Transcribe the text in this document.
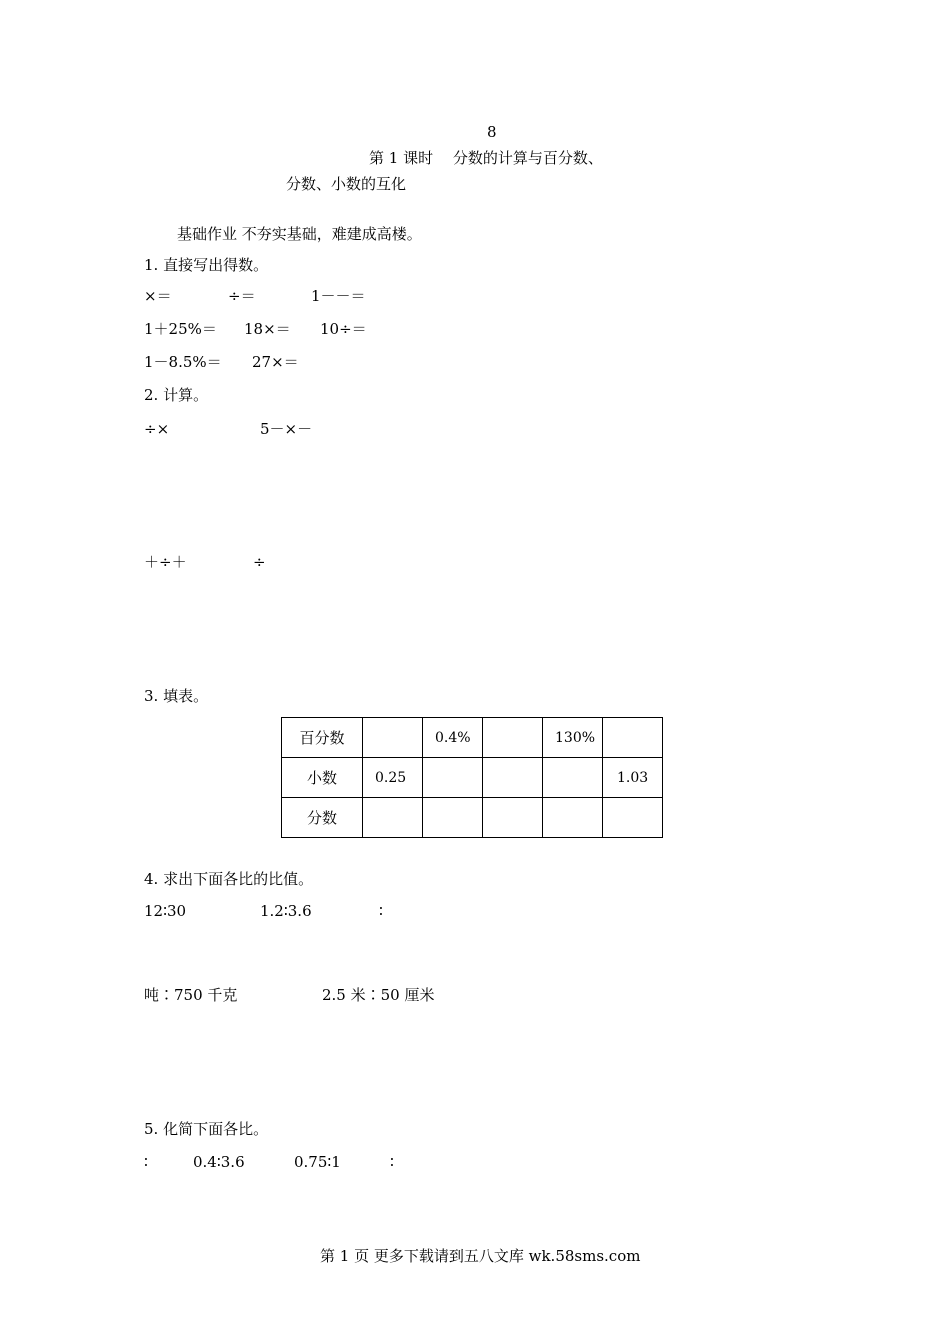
8
第 1 课时　 分数的计算与百分数、
分数、小数的互化
基础作业 不夯实基础，难建成高楼。
1. 直接写出得数。
×＝	÷＝	1－－＝
1＋25%＝ 18×＝ 10÷＝
1－8.5%＝ 27×＝
2. 计算。
÷×	5－×－
＋÷＋	÷
3. 填表。
百分数		0.4%		130%	
小数	0.25				1.03
分数					
4. 求出下面各比的比值。
12∶30	1.2∶3.6	∶
吨∶750 千克	2.5 米∶50 厘米
5. 化简下面各比。
∶	0.4∶3.6	0.75∶1	∶
第 1 页 更多下载请到五八文库 wk.58sms.com
